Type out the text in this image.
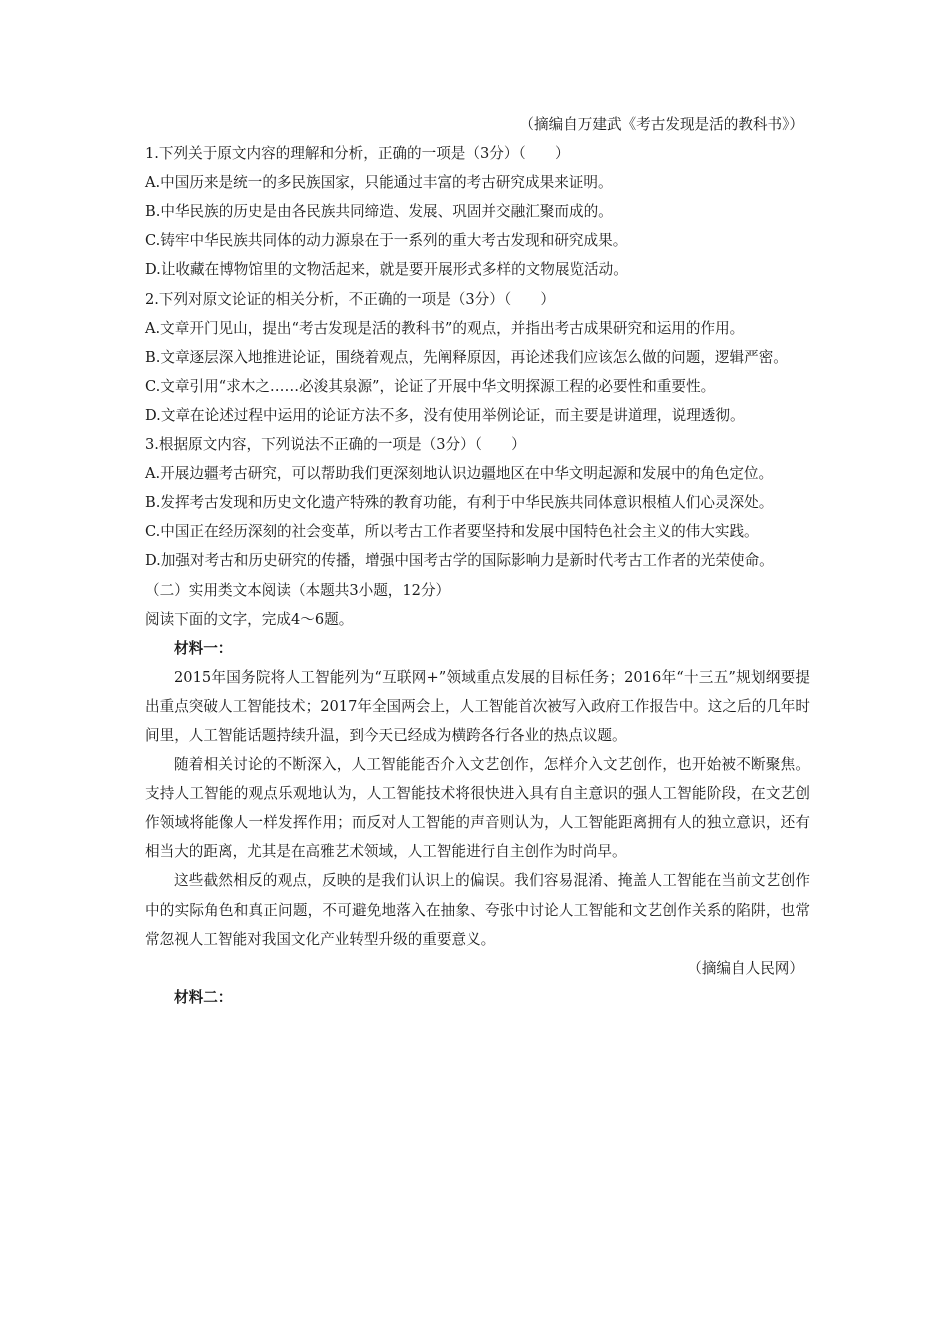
（摘编自万建武《考古发现是活的教科书》）
1.下列关于原文内容的理解和分析，正确的一项是（3分）（　　）
A.中国历来是统一的多民族国家，只能通过丰富的考古研究成果来证明。
B.中华民族的历史是由各民族共同缔造、发展、巩固并交融汇聚而成的。
C.铸牢中华民族共同体的动力源泉在于一系列的重大考古发现和研究成果。
D.让收藏在博物馆里的文物活起来，就是要开展形式多样的文物展览活动。
2.下列对原文论证的相关分析，不正确的一项是（3分）（　　）
A.文章开门见山，提出“考古发现是活的教科书”的观点，并指出考古成果研究和运用的作用。
B.文章逐层深入地推进论证，围绕着观点，先阐释原因，再论述我们应该怎么做的问题，逻辑严密。
C.文章引用“求木之……必浚其泉源”，论证了开展中华文明探源工程的必要性和重要性。
D.文章在论述过程中运用的论证方法不多，没有使用举例论证，而主要是讲道理，说理透彻。
3.根据原文内容，下列说法不正确的一项是（3分）（　　）
A.开展边疆考古研究，可以帮助我们更深刻地认识边疆地区在中华文明起源和发展中的角色定位。
B.发挥考古发现和历史文化遗产特殊的教育功能，有利于中华民族共同体意识根植人们心灵深处。
C.中国正在经历深刻的社会变革，所以考古工作者要坚持和发展中国特色社会主义的伟大实践。
D.加强对考古和历史研究的传播，增强中国考古学的国际影响力是新时代考古工作者的光荣使命。
（二）实用类文本阅读（本题共3小题，12分）
阅读下面的文字，完成4～6题。
材料一：
2015年国务院将人工智能列为“互联网+”领域重点发展的目标任务；2016年“十三五”规划纲要提出重点突破人工智能技术；2017年全国两会上，人工智能首次被写入政府工作报告中。这之后的几年时间里，人工智能话题持续升温，到今天已经成为横跨各行各业的热点议题。
随着相关讨论的不断深入，人工智能能否介入文艺创作，怎样介入文艺创作，也开始被不断聚焦。支持人工智能的观点乐观地认为，人工智能技术将很快进入具有自主意识的强人工智能阶段，在文艺创作领域将能像人一样发挥作用；而反对人工智能的声音则认为，人工智能距离拥有人的独立意识，还有相当大的距离，尤其是在高雅艺术领域，人工智能进行自主创作为时尚早。
这些截然相反的观点，反映的是我们认识上的偏误。我们容易混淆、掩盖人工智能在当前文艺创作中的实际角色和真正问题，不可避免地落入在抽象、夸张中讨论人工智能和文艺创作关系的陷阱，也常常忽视人工智能对我国文化产业转型升级的重要意义。
（摘编自人民网）
材料二：
